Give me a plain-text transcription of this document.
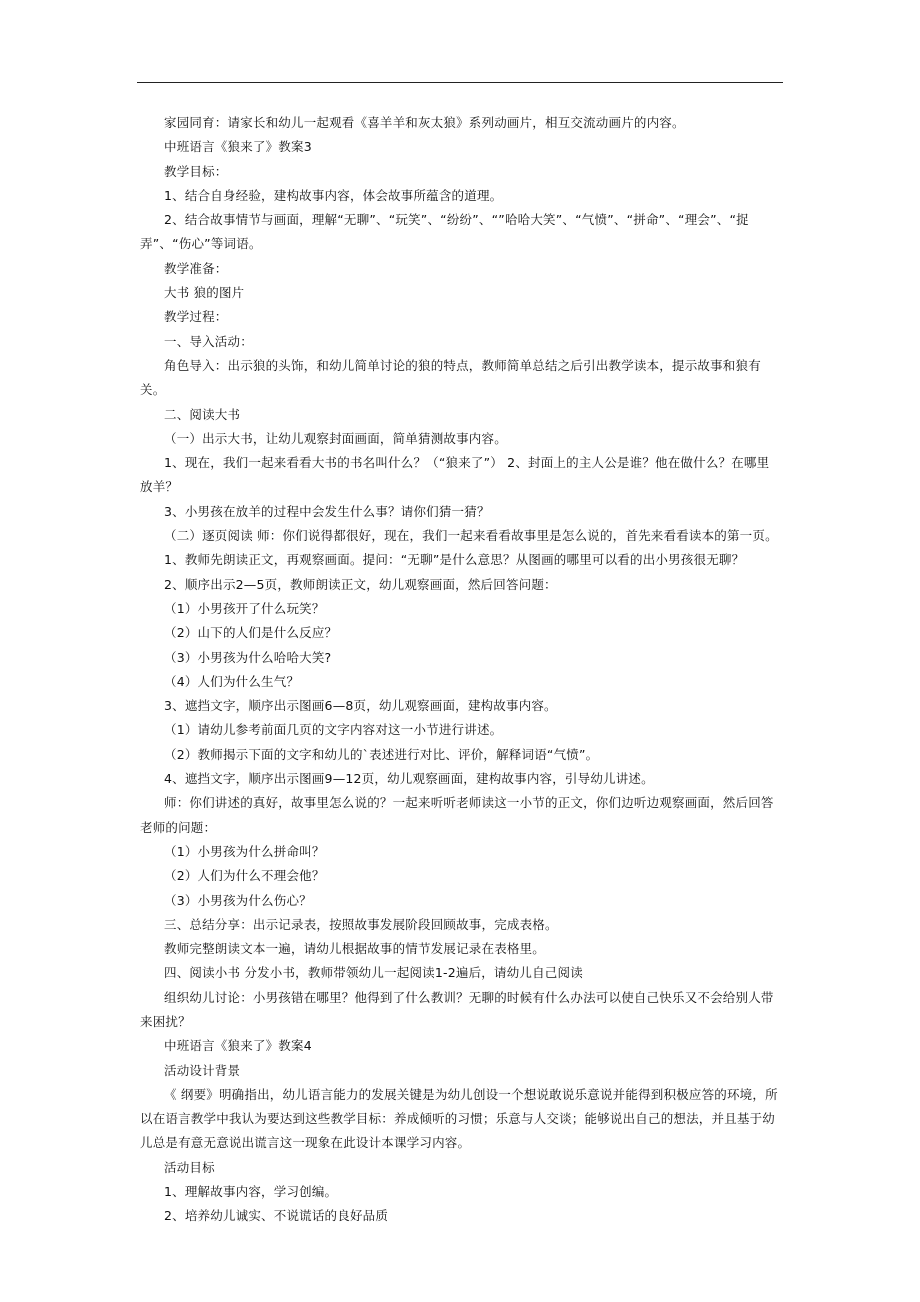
家园同育：请家长和幼儿一起观看《喜羊羊和灰太狼》系列动画片，相互交流动画片的内容。

中班语言《狼来了》教案3

教学目标：

1、结合自身经验，建构故事内容，体会故事所蕴含的道理。

2、结合故事情节与画面，理解“无聊”、“玩笑”、“纷纷”、“”哈哈大笑”、“气愤”、“拼命”、“理会”、“捉弄”、“伤心”等词语。

教学准备：

大书 狼的图片

教学过程：

一、导入活动：

角色导入：出示狼的头饰，和幼儿简单讨论的狼的特点，教师简单总结之后引出教学读本，提示故事和狼有关。

二、阅读大书

（一）出示大书，让幼儿观察封面画面，简单猜测故事内容。

1、现在，我们一起来看看大书的书名叫什么？（“狼来了”） 2、封面上的主人公是谁？他在做什么？在哪里放羊？

3、小男孩在放羊的过程中会发生什么事？请你们猜一猜？

（二）逐页阅读 师：你们说得都很好，现在，我们一起来看看故事里是怎么说的，首先来看看读本的第一页。

1、教师先朗读正文，再观察画面。提问：“无聊”是什么意思？从图画的哪里可以看的出小男孩很无聊？

2、顺序出示2—5页，教师朗读正文，幼儿观察画面，然后回答问题：

（1）小男孩开了什么玩笑？

（2）山下的人们是什么反应？

（3）小男孩为什么哈哈大笑?

（4）人们为什么生气？

3、遮挡文字，顺序出示图画6—8页，幼儿观察画面，建构故事内容。

（1）请幼儿参考前面几页的文字内容对这一小节进行讲述。

（2）教师揭示下面的文字和幼儿的`表述进行对比、评价，解释词语“气愤”。

4、遮挡文字，顺序出示图画9—12页，幼儿观察画面，建构故事内容，引导幼儿讲述。

师：你们讲述的真好，故事里怎么说的？一起来听听老师读这一小节的正文，你们边听边观察画面，然后回答老师的问题：

（1）小男孩为什么拼命叫？

（2）人们为什么不理会他？

（3）小男孩为什么伤心？

三、总结分享：出示记录表，按照故事发展阶段回顾故事，完成表格。

教师完整朗读文本一遍，请幼儿根据故事的情节发展记录在表格里。

四、阅读小书 分发小书，教师带领幼儿一起阅读1-2遍后，请幼儿自己阅读

组织幼儿讨论：小男孩错在哪里？他得到了什么教训？无聊的时候有什么办法可以使自己快乐又不会给别人带来困扰？

中班语言《狼来了》教案4

活动设计背景

《 纲要》明确指出，幼儿语言能力的发展关键是为幼儿创设一个想说敢说乐意说并能得到积极应答的环境，所以在语言教学中我认为要达到这些教学目标：养成倾听的习惯；乐意与人交谈；能够说出自己的想法，并且基于幼儿总是有意无意说出谎言这一现象在此设计本课学习内容。

活动目标

1、理解故事内容，学习创编。

2、培养幼儿诚实、不说谎话的良好品质
